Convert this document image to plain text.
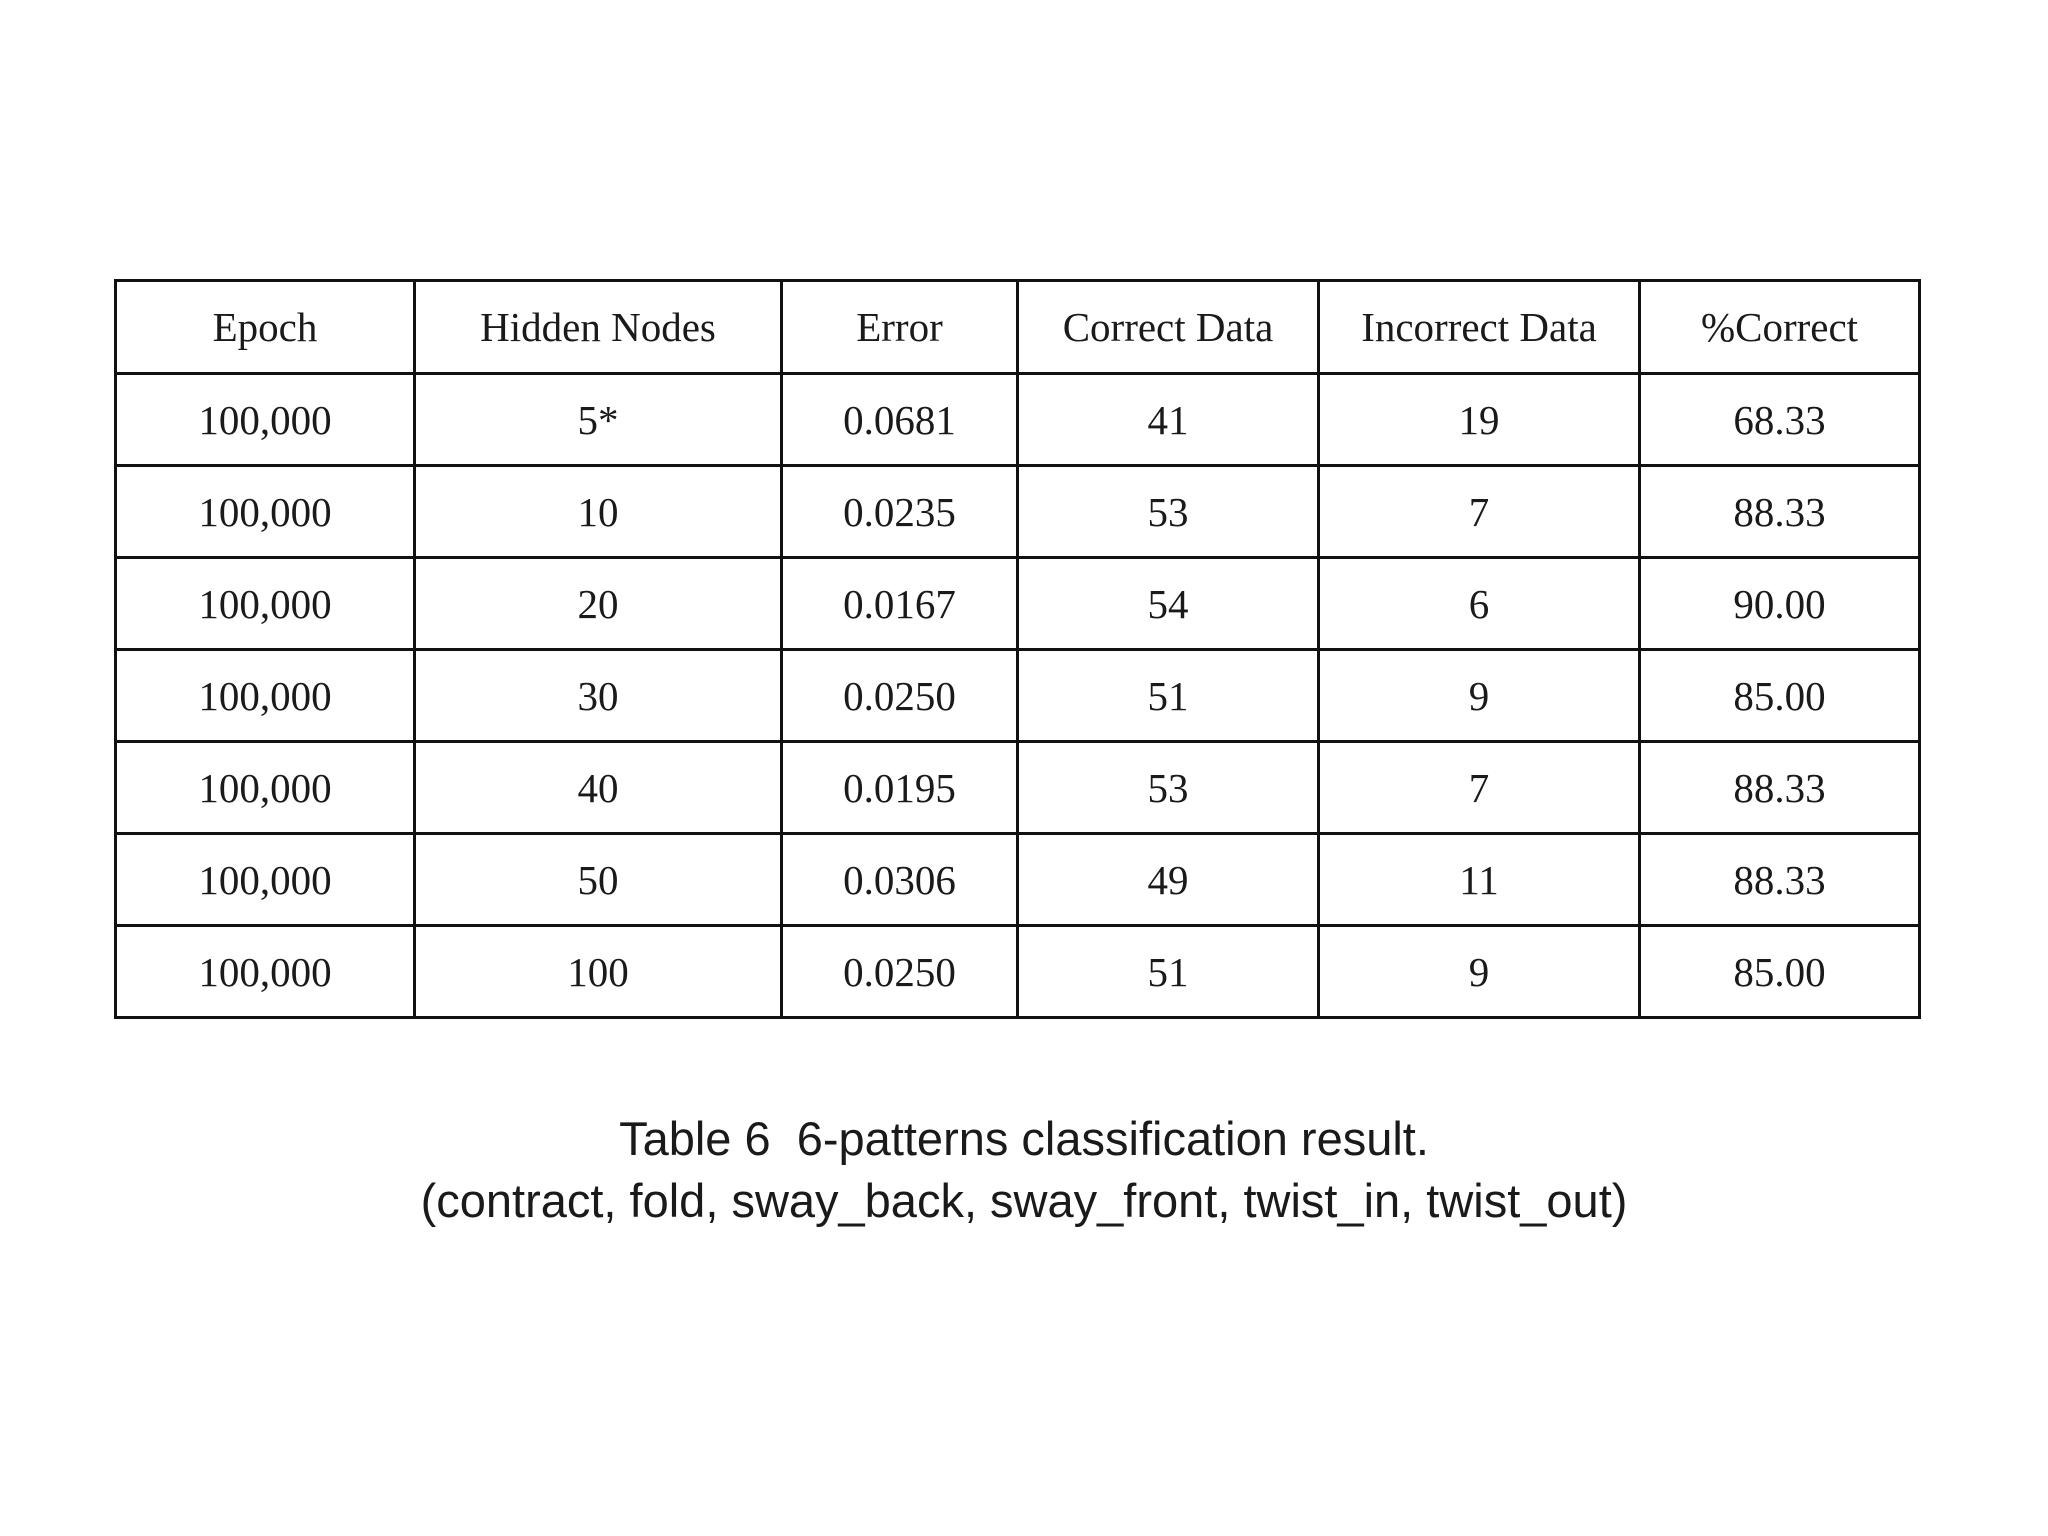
Epoch	Hidden Nodes	Error	Correct Data	Incorrect Data	%Correct
100,000	5*	0.0681	41	19	68.33
100,000	10	0.0235	53	7	88.33
100,000	20	0.0167	54	6	90.00
100,000	30	0.0250	51	9	85.00
100,000	40	0.0195	53	7	88.33
100,000	50	0.0306	49	11	88.33
100,000	100	0.0250	51	9	85.00
Table 6  6-patterns classification result.
(contract, fold, sway_back, sway_front, twist_in, twist_out)
